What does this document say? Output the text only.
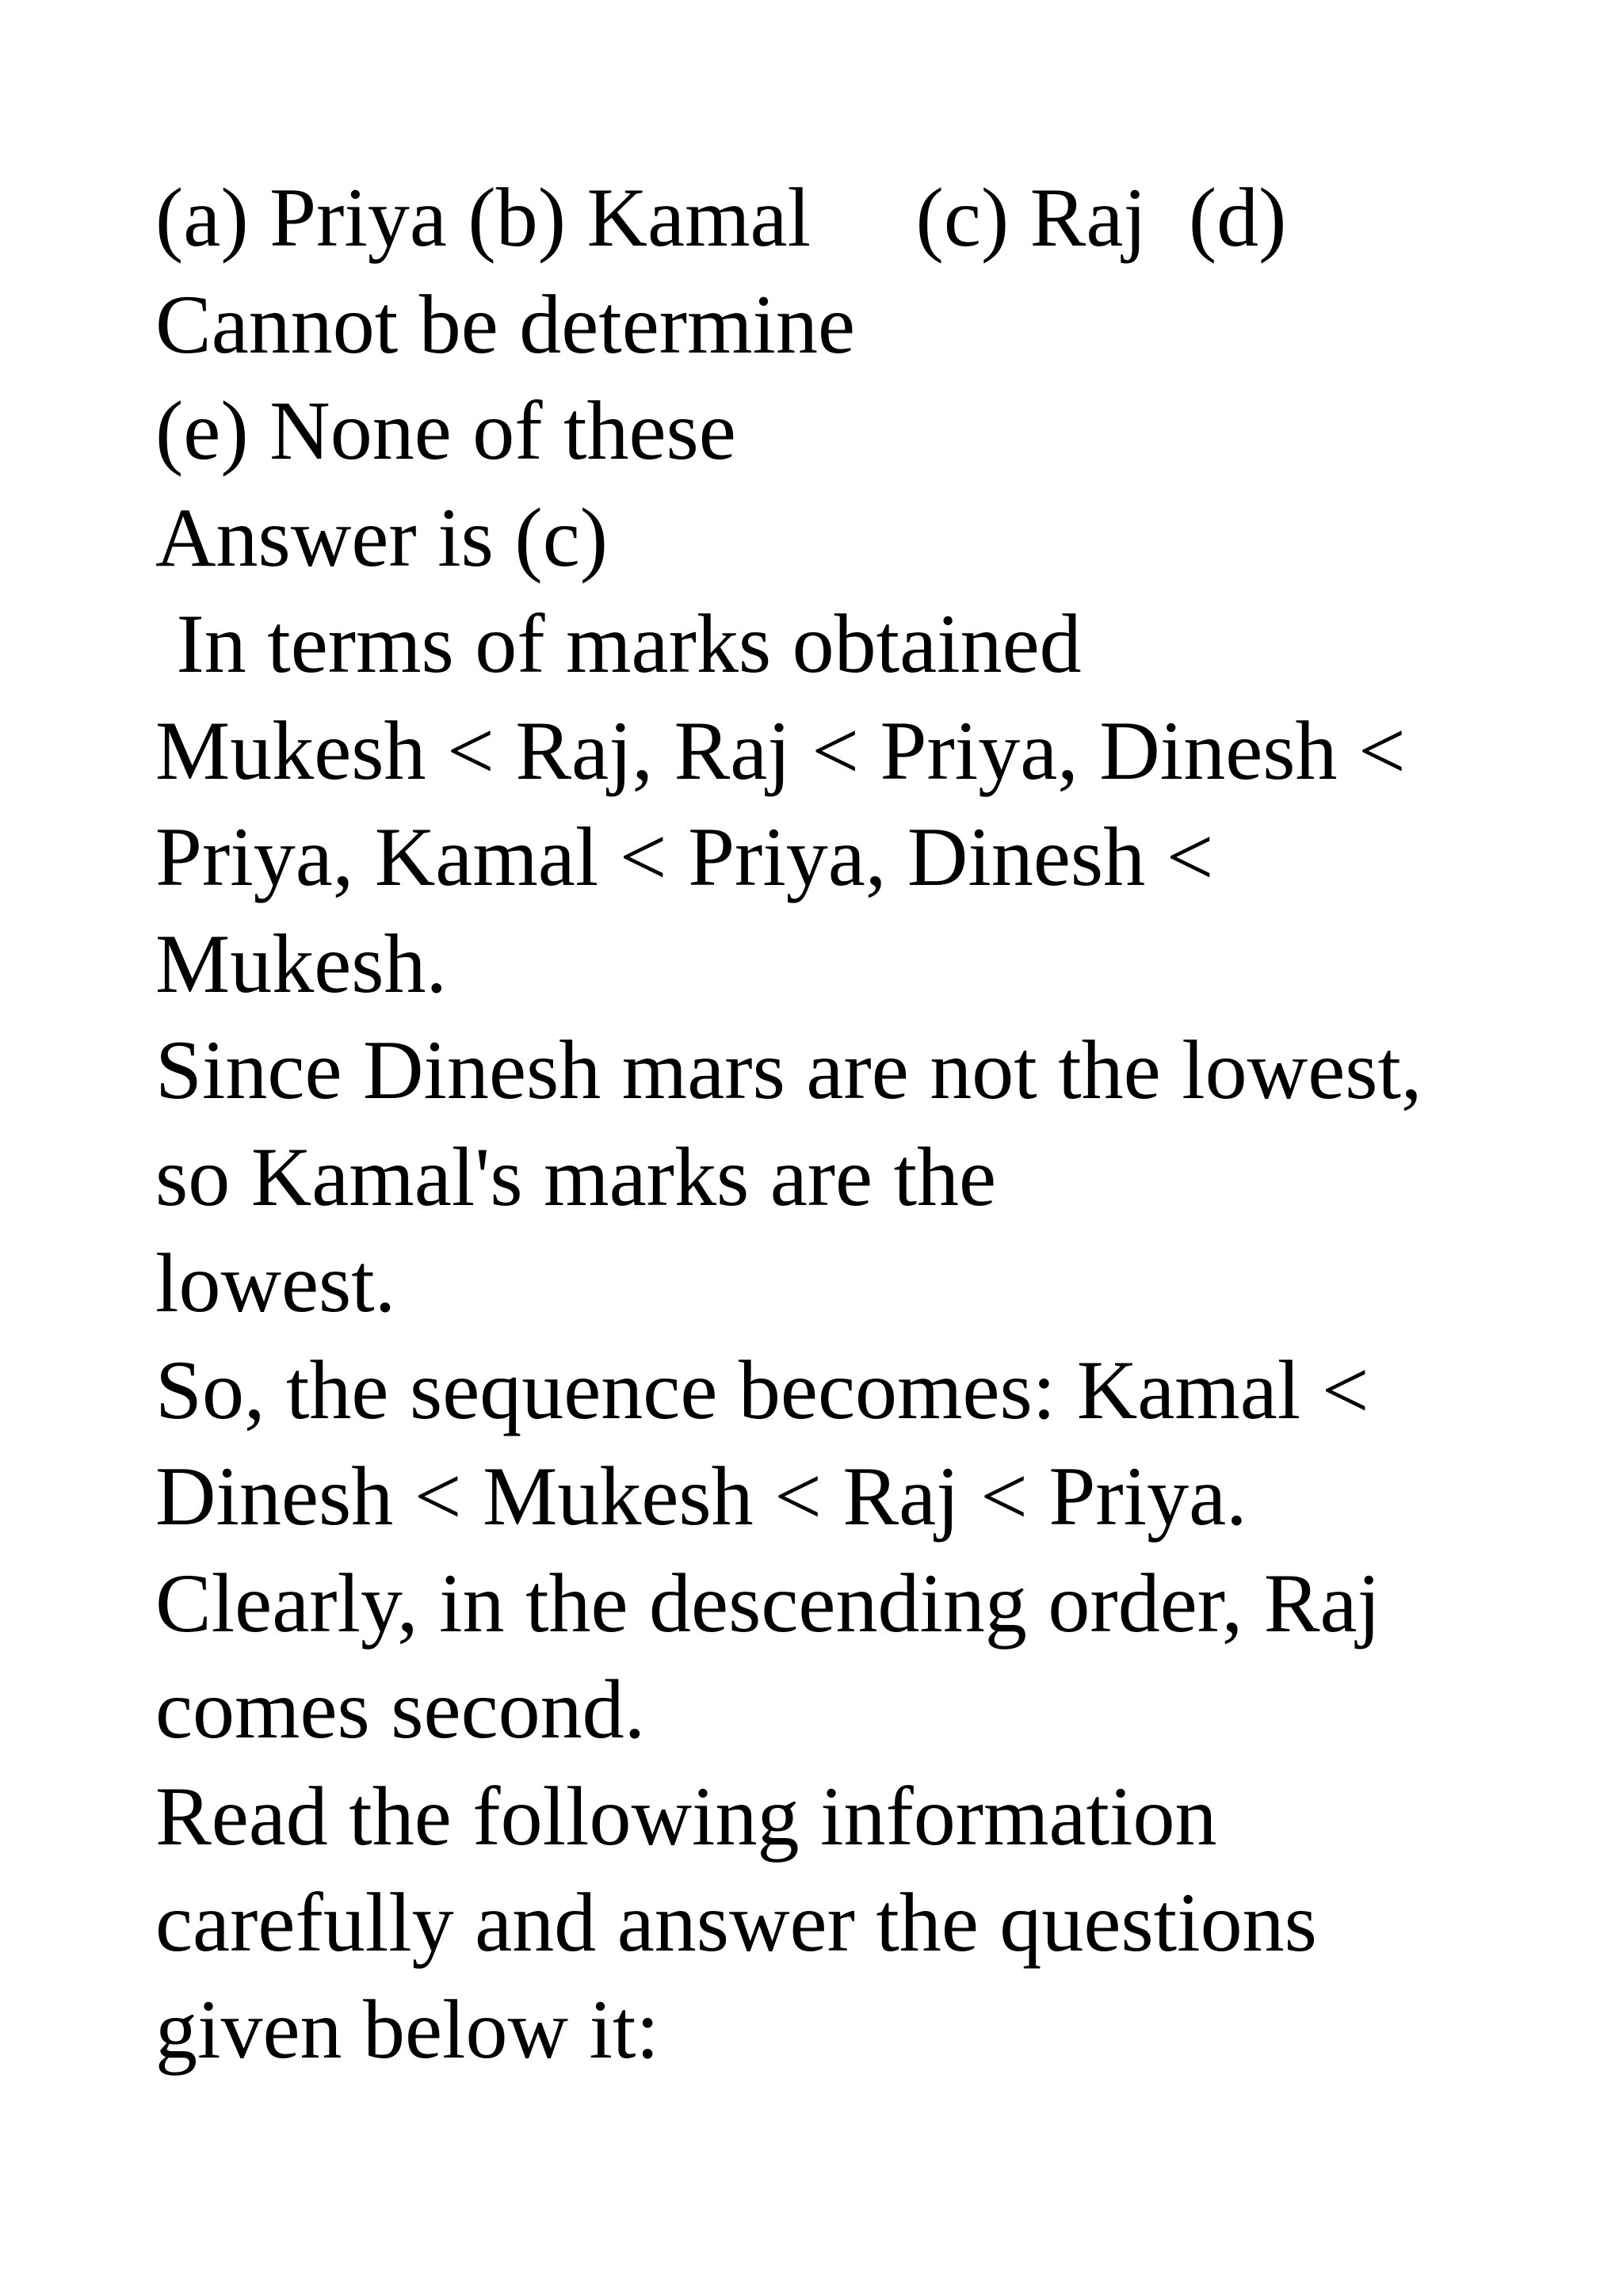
(a) Priya (b) Kamal     (c) Raj  (d)
Cannot be determine
(e) None of these
Answer is (c)
In terms of marks obtained
Mukesh < Raj, Raj < Priya, Dinesh <
Priya, Kamal < Priya, Dinesh <
Mukesh.
Since Dinesh mars are not the lowest,
so Kamal's marks are the
lowest.
So, the sequence becomes: Kamal <
Dinesh < Mukesh < Raj < Priya.
Clearly, in the descending order, Raj
comes second.
Read the following information
carefully and answer the questions
given below it:
